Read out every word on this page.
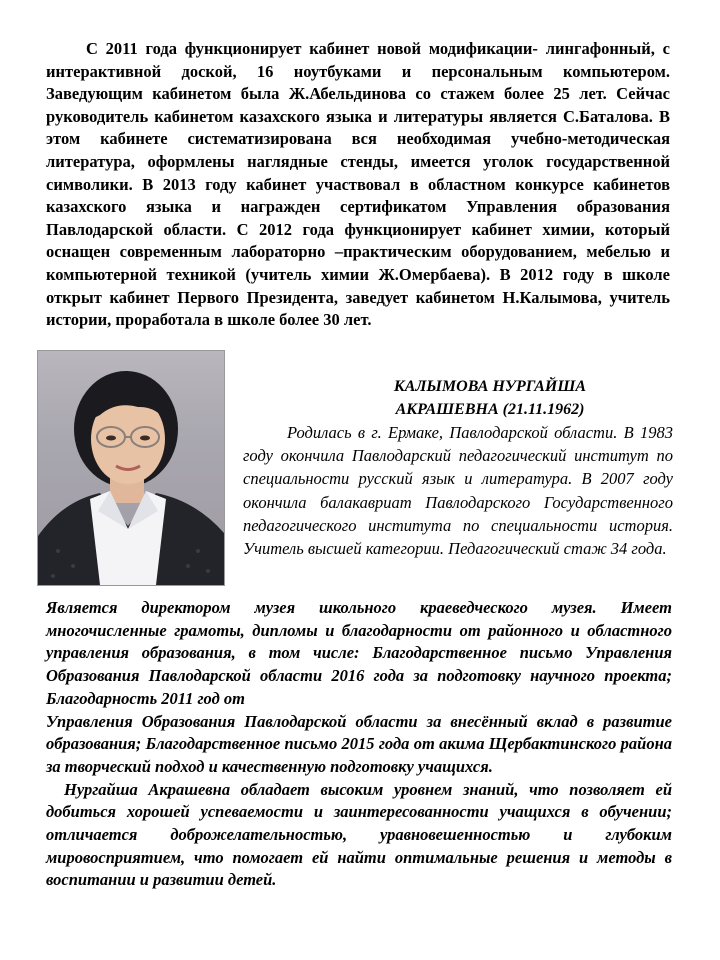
С 2011 года функционирует кабинет новой модификации- лингафонный, с интерактивной доской, 16 ноутбуками и персональным компьютером. Заведующим кабинетом была Ж.Абельдинова со стажем более 25 лет. Сейчас руководитель кабинетом казахского языка и литературы является С.Баталова. В этом кабинете систематизирована вся необходимая учебно-методическая литература, оформлены наглядные стенды, имеется уголок государственной символики. В 2013 году кабинет участвовал в областном конкурсе кабинетов казахского языка и награжден сертификатом Управления образования Павлодарской области. С 2012 года функционирует кабинет химии, который оснащен современным лабораторно –практическим оборудованием, мебелью и компьютерной техникой (учитель химии Ж.Омербаева). В 2012 году в школе открыт кабинет Первого Президента, заведует кабинетом Н.Калымова, учитель истории, проработала в школе более 30 лет.

КАЛЫМОВА НУРГАЙША
АКРАШЕВНА (21.11.1962)

Родилась в г. Ермаке, Павлодарской области. В 1983 году окончила Павлодарский педагогический институт по специальности русский язык и литература. В 2007 году окончила балакавриат Павлодарского Государственного педагогического института по специальности история. Учитель высшей категории. Педагогический стаж 34 года.

Является директором музея школьного краеведческого музея. Имеет многочисленные грамоты, дипломы и благодарности от районного и областного управления образования, в том числе: Благодарственное письмо Управления Образования Павлодарской области 2016 года за подготовку научного проекта; Благодарность 2011 год от

Управления Образования Павлодарской области за внесённый вклад в развитие образования; Благодарственное письмо 2015 года от акима Щербактинского района за творческий подход и качественную подготовку учащихся.

Нургайша Акрашевна обладает высоким уровнем знаний, что позволяет ей добиться хорошей успеваемости и заинтересованности учащихся в обучении; отличается доброжелательностью, уравновешенностью и глубоким мировосприятием, что помогает ей найти оптимальные решения и методы в воспитании и развитии детей.
